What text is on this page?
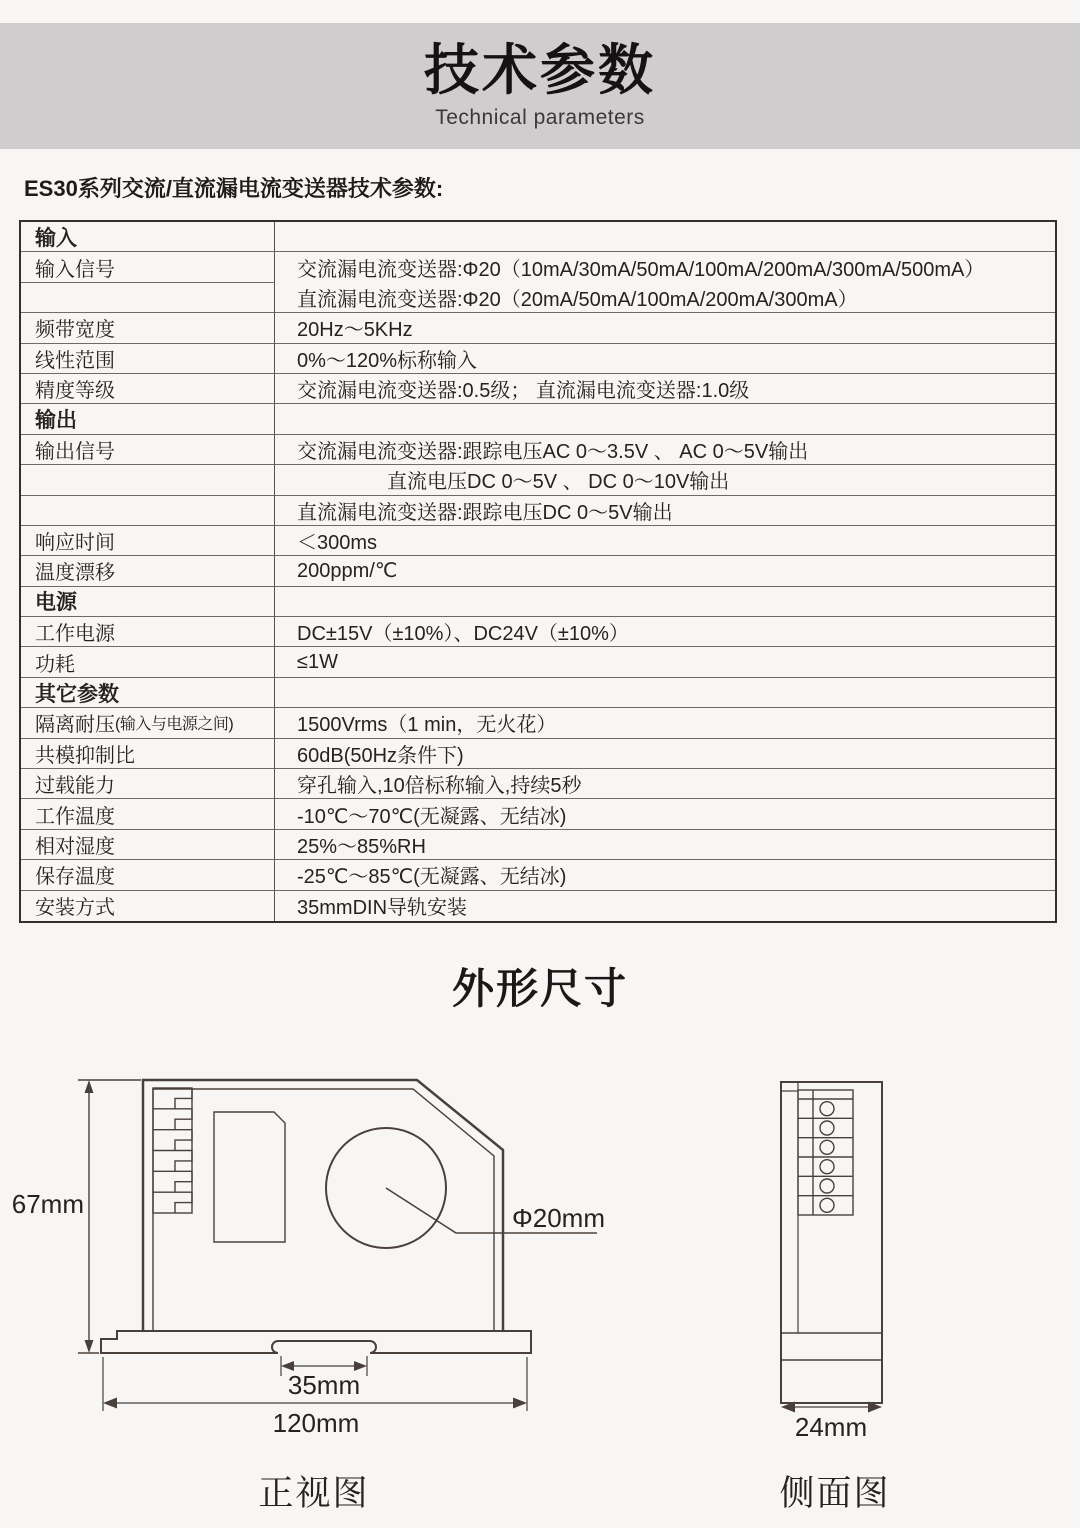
技术参数
Technical parameters
ES30系列交流/直流漏电流变送器技术参数:
输入
输入信号	交流漏电流变送器:Φ20（10mA/30mA/50mA/100mA/200mA/300mA/500mA）
直流漏电流变送器:Φ20（20mA/50mA/100mA/200mA/300mA）
频带宽度	20Hz～5KHz
线性范围	0%～120%标称输入
精度等级	交流漏电流变送器:0.5级； 直流漏电流变送器:1.0级
输出
输出信号	交流漏电流变送器:跟踪电压AC 0～3.5V 、 AC 0～5V输出
直流电压DC 0～5V 、 DC 0～10V输出
直流漏电流变送器:跟踪电压DC 0～5V输出
响应时间	＜300ms
温度漂移	200ppm/℃
电源
工作电源	DC±15V（±10%）、DC24V（±10%）
功耗	≤1W
其它参数
隔离耐压 (输入与电源之间)	1500Vrms（1 min，无火花）
共模抑制比	60dB(50Hz条件下)
过载能力	穿孔输入,10倍标称输入,持续5秒
工作温度	-10℃～70℃(无凝露、无结冰)
相对湿度	25%～85%RH
保存温度	-25℃～85℃(无凝露、无结冰)
安装方式	35mmDIN导轨安装
外形尺寸
67mm	Φ20mm
35mm
120mm	24mm
正视图	侧面图
